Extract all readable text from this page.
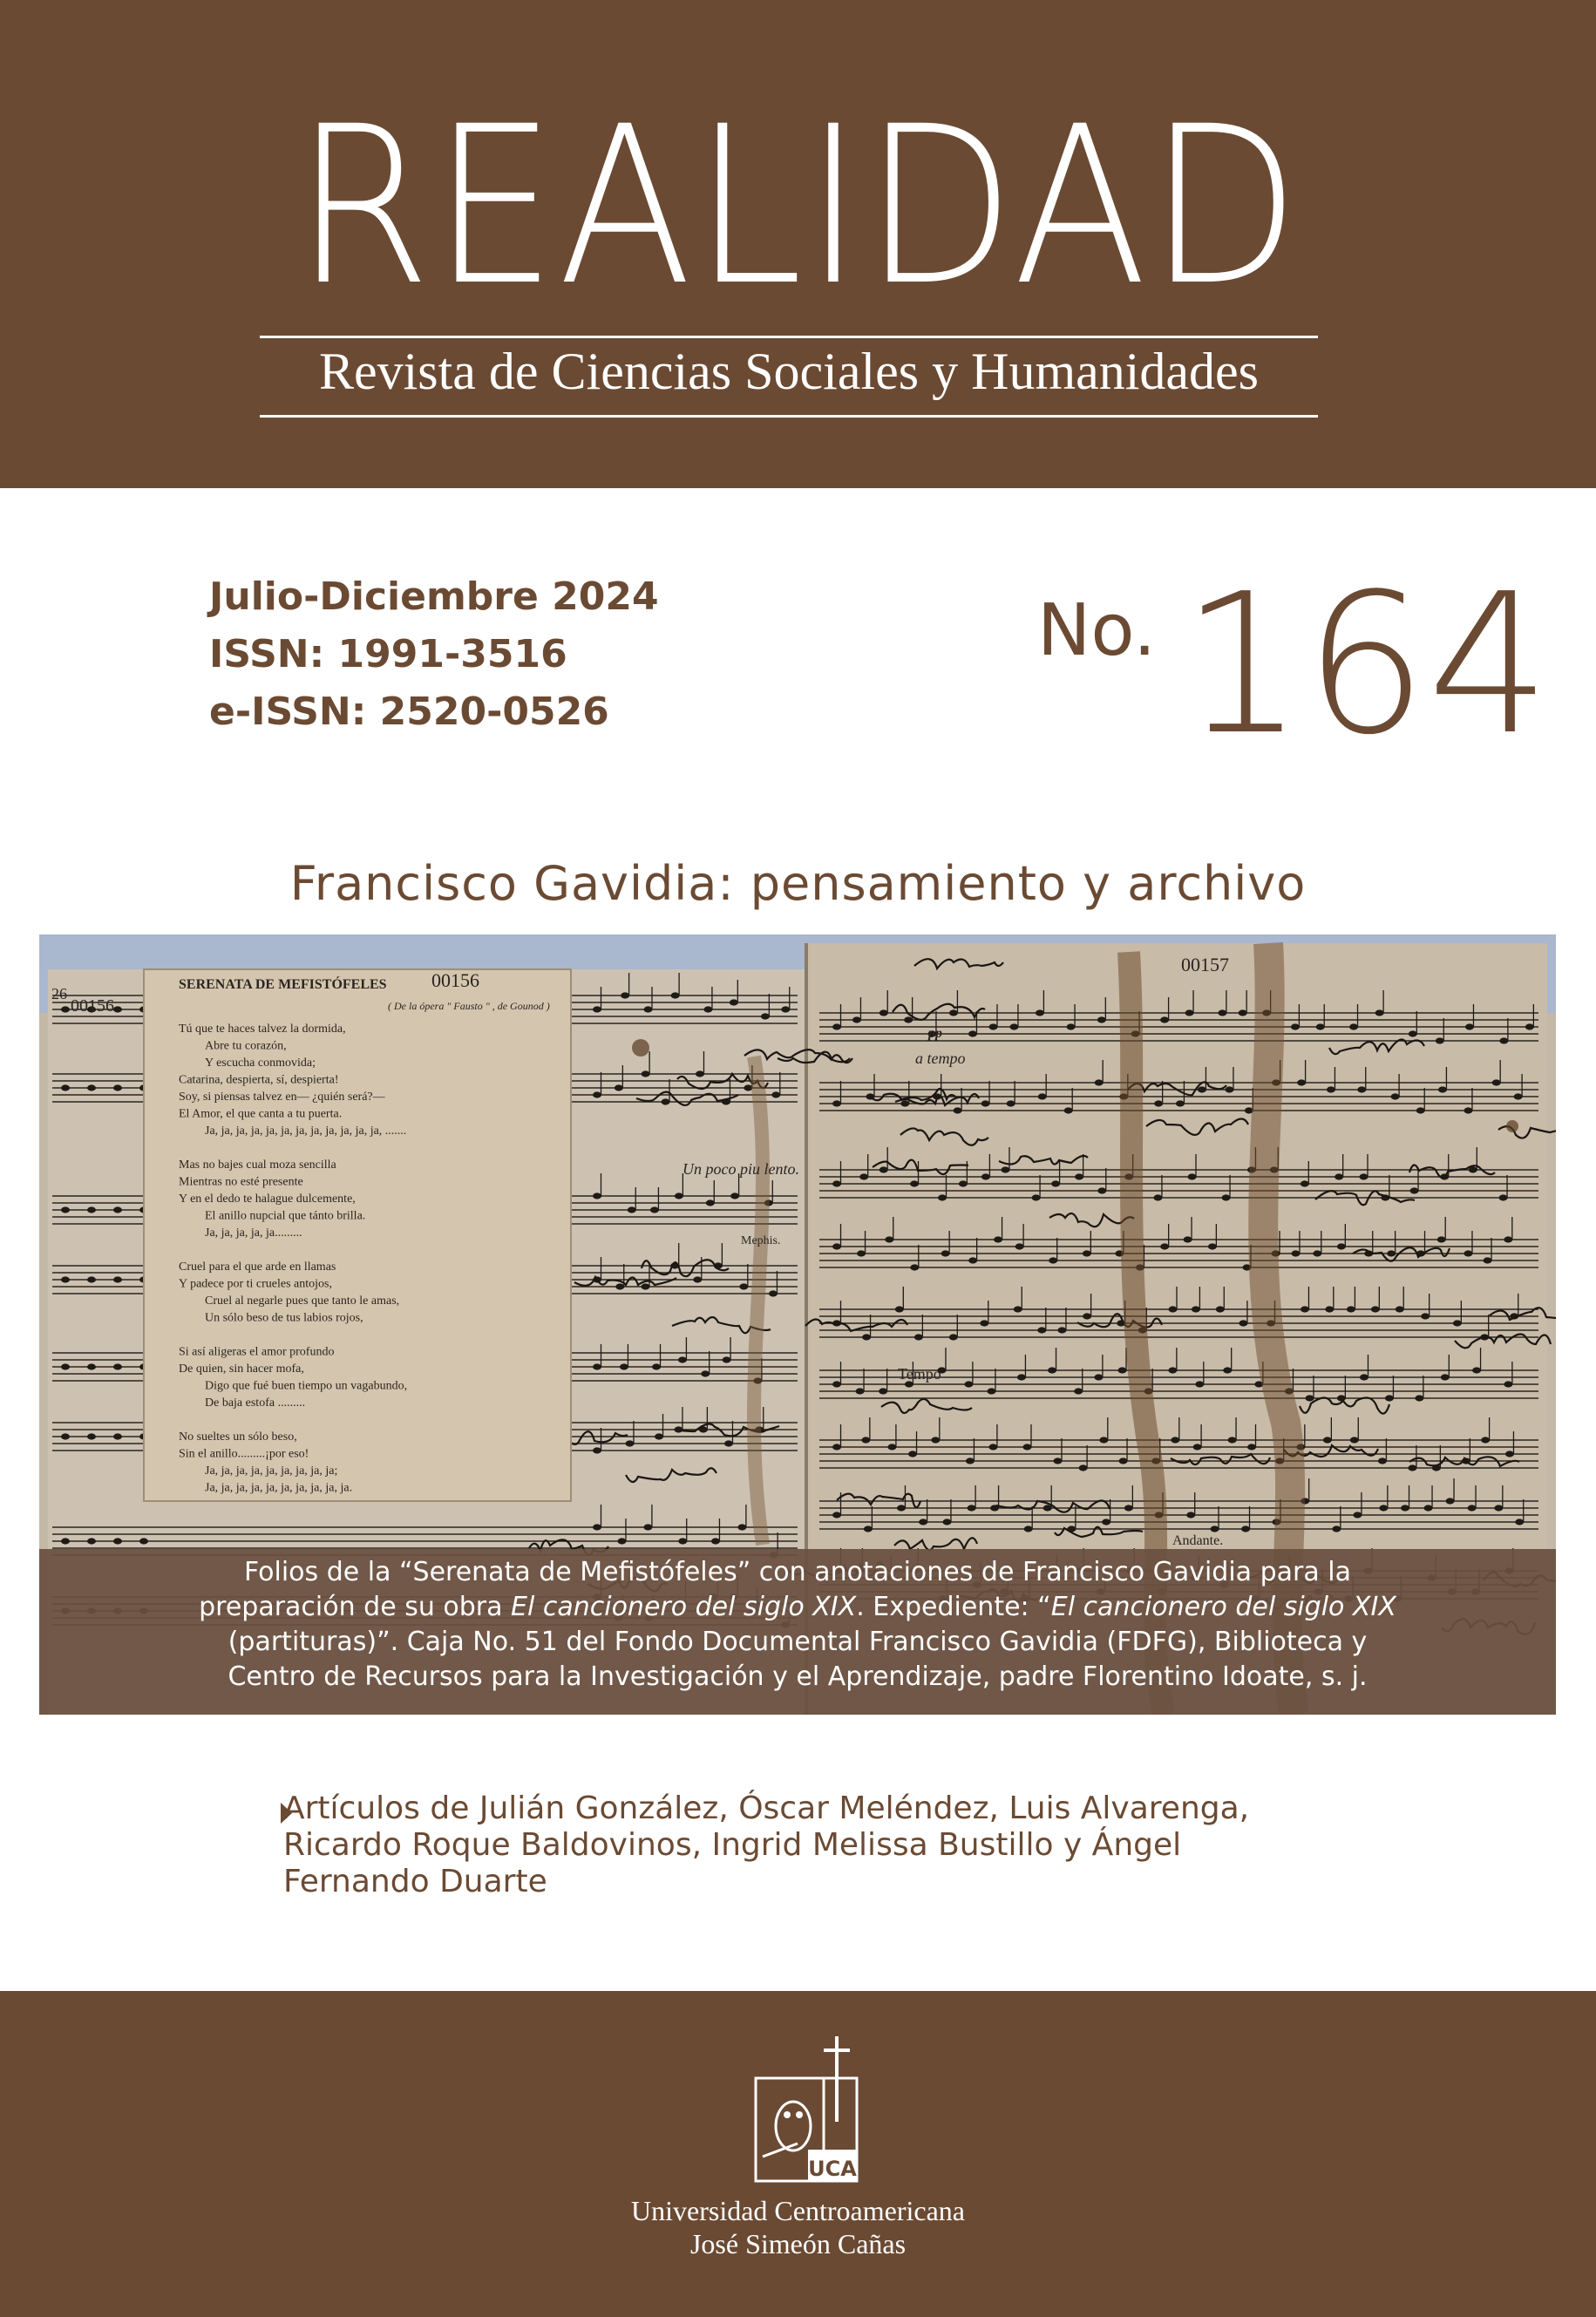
REALIDAD
Revista de Ciencias Sociales y Humanidades
Julio-Diciembre 2024
ISSN: 1991-3516
e-ISSN: 2520-0526
No. 164
Francisco Gavidia: pensamiento y archivo
SERENATA DE MEFISTÓFELES 00156
00157
26
00156	( De la ópera " Fausto " , de Gounod )
Tú que te haces talvez la dormida,
Abre tu corazón,
Y escucha conmovida;
Catarina, despierta, sí, despierta!
Soy, si piensas talvez en— ¿quién será?—
El Amor, el que canta a tu puerta.
Ja, ja, ja, ja, ja, ja, ja, ja, ja, ja, ja, ja, .......
Mas no bajes cual moza sencilla
Mientras no esté presente
Y en el dedo te halague dulcemente,
El anillo nupcial que tánto brilla.
Ja, ja, ja, ja, ja.........
Cruel para el que arde en llamas
Y padece por ti crueles antojos,
Cruel al negarle pues que tanto le amas,
Un sólo beso de tus labios rojos,
Si así aligeras el amor profundo
De quien, sin hacer mofa,
Digo que fué buen tiempo un vagabundo,
De baja estofa .........
No sueltes un sólo beso,
Sin el anillo.........¡por eso!
Ja, ja, ja, ja, ja, ja, ja, ja, ja;
Ja, ja, ja, ja, ja, ja, ja, ja, ja, ja.
Un poco piu lento.
Mephis.
Tempo
Andante.
a tempo
pp
Folios de la “Serenata de Mefistófeles” con anotaciones de Francisco Gavidia para la
preparación de su obra El cancionero del siglo XIX. Expediente: “El cancionero del siglo XIX
(partituras)”. Caja No. 51 del Fondo Documental Francisco Gavidia (FDFG), Biblioteca y
Centro de Recursos para la Investigación y el Aprendizaje, padre Florentino Idoate, s. j.
Artículos de Julián González, Óscar Meléndez, Luis Alvarenga,
Ricardo Roque Baldovinos, Ingrid Melissa Bustillo y Ángel
Fernando Duarte
UCA
Universidad Centroamericana
José Simeón Cañas
